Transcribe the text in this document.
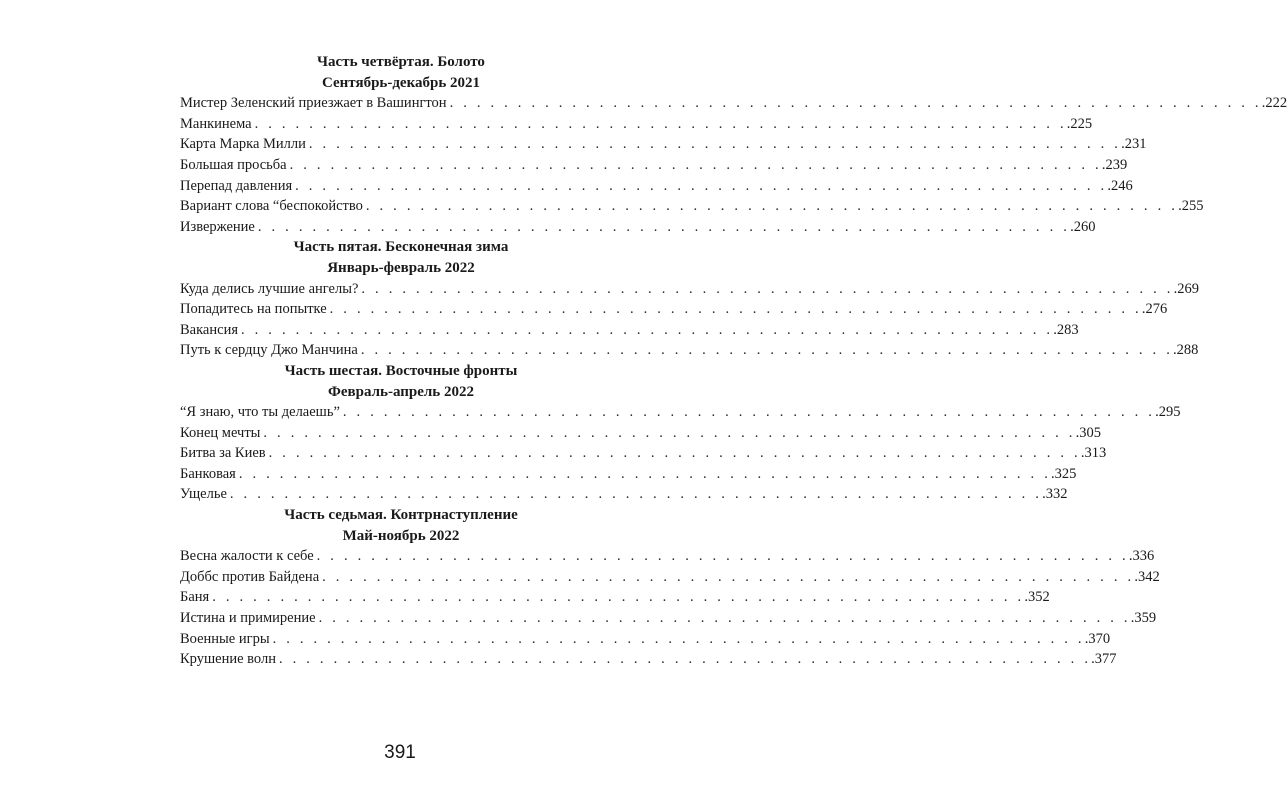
Часть четвёртая. Болото
Сентябрь-декабрь 2021
Мистер Зеленский приезжает в Вашингтон . . . . . . . . . . . . . . . . . . . . . . . . . . . . . . . . . . . . . . . . . . . . . . . . . . . . . . . . . . . . .222
Манкинема . . . . . . . . . . . . . . . . . . . . . . . . . . . . . . . . . . . . . . . . . . . . . . . . . . . . . . . . . . . . .225
Карта Марка Милли . . . . . . . . . . . . . . . . . . . . . . . . . . . . . . . . . . . . . . . . . . . . . . . . . . . . . . . . . . . . .231
Большая просьба . . . . . . . . . . . . . . . . . . . . . . . . . . . . . . . . . . . . . . . . . . . . . . . . . . . . . . . . . . . . .239
Перепад давления . . . . . . . . . . . . . . . . . . . . . . . . . . . . . . . . . . . . . . . . . . . . . . . . . . . . . . . . . . . . .246
Вариант слова “беспокойство . . . . . . . . . . . . . . . . . . . . . . . . . . . . . . . . . . . . . . . . . . . . . . . . . . . . . . . . . . . . .255
Извержение . . . . . . . . . . . . . . . . . . . . . . . . . . . . . . . . . . . . . . . . . . . . . . . . . . . . . . . . . . . . .260
Часть пятая. Бесконечная зима
Январь-февраль 2022
Куда делись лучшие ангелы? . . . . . . . . . . . . . . . . . . . . . . . . . . . . . . . . . . . . . . . . . . . . . . . . . . . . . . . . . . . . .269
Попадитесь на попытке . . . . . . . . . . . . . . . . . . . . . . . . . . . . . . . . . . . . . . . . . . . . . . . . . . . . . . . . . . . . .276
Вакансия . . . . . . . . . . . . . . . . . . . . . . . . . . . . . . . . . . . . . . . . . . . . . . . . . . . . . . . . . . . . .283
Путь к сердцу Джо Манчина . . . . . . . . . . . . . . . . . . . . . . . . . . . . . . . . . . . . . . . . . . . . . . . . . . . . . . . . . . . . .288
Часть шестая. Восточные фронты
Февраль-апрель 2022
“Я знаю, что ты делаешь” . . . . . . . . . . . . . . . . . . . . . . . . . . . . . . . . . . . . . . . . . . . . . . . . . . . . . . . . . . . . .295
Конец мечты . . . . . . . . . . . . . . . . . . . . . . . . . . . . . . . . . . . . . . . . . . . . . . . . . . . . . . . . . . . . .305
Битва за Киев . . . . . . . . . . . . . . . . . . . . . . . . . . . . . . . . . . . . . . . . . . . . . . . . . . . . . . . . . . . . .313
Банковая . . . . . . . . . . . . . . . . . . . . . . . . . . . . . . . . . . . . . . . . . . . . . . . . . . . . . . . . . . . . .325
Ущелье . . . . . . . . . . . . . . . . . . . . . . . . . . . . . . . . . . . . . . . . . . . . . . . . . . . . . . . . . . . . .332
Часть седьмая. Контрнаступление
Май-ноябрь 2022
Весна жалости к себе . . . . . . . . . . . . . . . . . . . . . . . . . . . . . . . . . . . . . . . . . . . . . . . . . . . . . . . . . . . . .336
Доббс против Байдена . . . . . . . . . . . . . . . . . . . . . . . . . . . . . . . . . . . . . . . . . . . . . . . . . . . . . . . . . . . . .342
Баня . . . . . . . . . . . . . . . . . . . . . . . . . . . . . . . . . . . . . . . . . . . . . . . . . . . . . . . . . . . . .352
Истина и примирение . . . . . . . . . . . . . . . . . . . . . . . . . . . . . . . . . . . . . . . . . . . . . . . . . . . . . . . . . . . . .359
Военные игры . . . . . . . . . . . . . . . . . . . . . . . . . . . . . . . . . . . . . . . . . . . . . . . . . . . . . . . . . . . . .370
Крушение волн . . . . . . . . . . . . . . . . . . . . . . . . . . . . . . . . . . . . . . . . . . . . . . . . . . . . . . . . . . . . .377
391
